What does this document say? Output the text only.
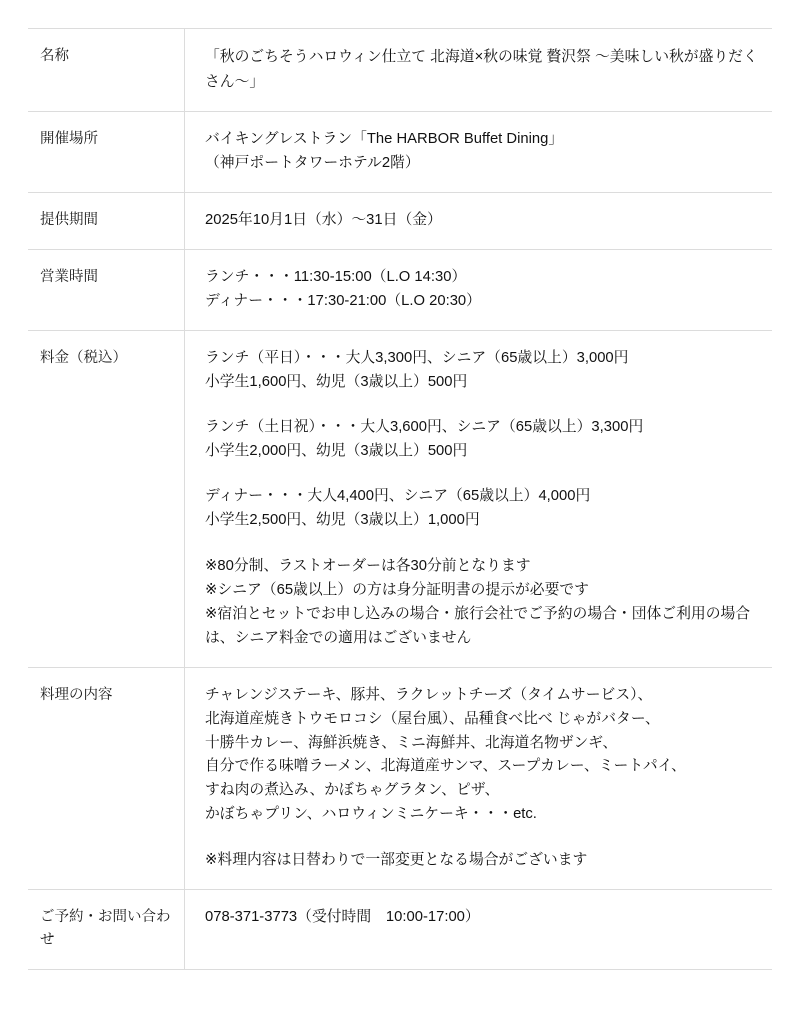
名称	「秋のごちそうハロウィン仕立て 北海道×秋の味覚 贅沢祭 〜美味しい秋が盛りだくさん〜」

開催場所	バイキングレストラン「The HARBOR Buffet Dining」
（神戸ポートタワーホテル2階）

提供期間	2025年10月1日（水）〜31日（金）

営業時間	ランチ・・・11:30-15:00（L.O 14:30）
ディナー・・・17:30-21:00（L.O 20:30）

料金（税込）	ランチ（平日）・・・大人3,300円、シニア（65歳以上）3,000円
小学生1,600円、幼児（3歳以上）500円
ランチ（土日祝）・・・大人3,600円、シニア（65歳以上）3,300円
小学生2,000円、幼児（3歳以上）500円
ディナー・・・大人4,400円、シニア（65歳以上）4,000円
小学生2,500円、幼児（3歳以上）1,000円
※80分制、ラストオーダーは各30分前となります
※シニア（65歳以上）の方は身分証明書の提示が必要です
※宿泊とセットでお申し込みの場合・旅行会社でご予約の場合・団体ご利用の場合は、シニア料金での適用はございません

料理の内容	チャレンジステーキ、豚丼、ラクレットチーズ（タイムサービス）、
北海道産焼きトウモロコシ（屋台風）、品種食べ比べ じゃがバター、
十勝牛カレー、海鮮浜焼き、ミニ海鮮丼、北海道名物ザンギ、
自分で作る味噌ラーメン、北海道産サンマ、スープカレー、ミートパイ、
すね肉の煮込み、かぼちゃグラタン、ピザ、
かぼちゃプリン、ハロウィンミニケーキ・・・etc.
※料理内容は日替わりで一部変更となる場合がございます

ご予約・お問い合わせ	078-371-3773（受付時間　10:00-17:00）
